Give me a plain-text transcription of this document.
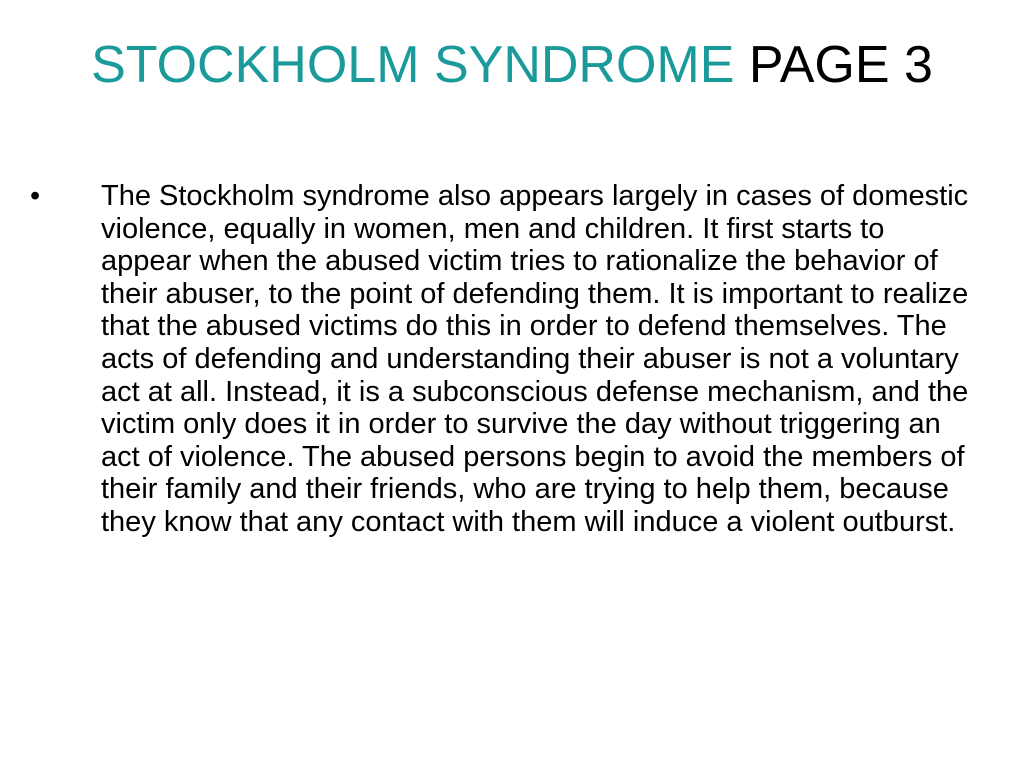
STOCKHOLM SYNDROME PAGE 3
• The Stockholm syndrome also appears largely in cases of domestic violence, equally in women, men and children. It first starts to appear when the abused victim tries to rationalize the behavior of their abuser, to the point of defending them. It is important to realize that the abused victims do this in order to defend themselves. The acts of defending and understanding their abuser is not a voluntary act at all. Instead, it is a subconscious defense mechanism, and the victim only does it in order to survive the day without triggering an act of violence. The abused persons begin to avoid the members of their family and their friends, who are trying to help them, because they know that any contact with them will induce a violent outburst.
